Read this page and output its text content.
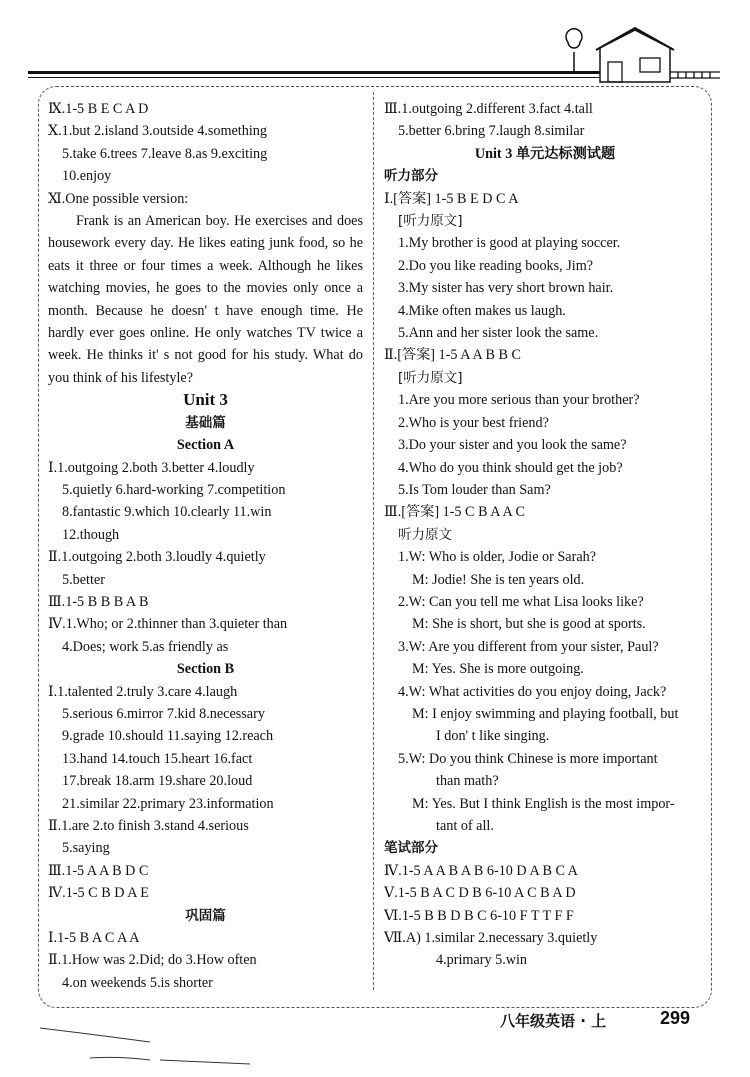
Ⅸ.1-5 B E C A D
Ⅹ.1.but 2.island 3.outside 4.something
5.take 6.trees 7.leave 8.as 9.exciting
10.enjoy
Ⅺ.One possible version:
Frank is an American boy. He exercises and does housework every day. He likes eating junk food, so he eats it three or four times a week. Although he likes watching movies, he goes to the movies only once a month. Because he doesn' t have enough time. He hardly ever goes online. He only watches TV twice a week. He thinks it' s not good for his study. What do you think of his lifestyle?
Unit 3
基础篇
Section A
Ⅰ.1.outgoing 2.both 3.better 4.loudly
5.quietly 6.hard-working 7.competition
8.fantastic 9.which 10.clearly 11.win
12.though
Ⅱ.1.outgoing 2.both 3.loudly 4.quietly
5.better
Ⅲ.1-5 B B B A B
Ⅳ.1.Who; or 2.thinner than 3.quieter than
4.Does; work 5.as friendly as
Section B
Ⅰ.1.talented 2.truly 3.care 4.laugh
5.serious 6.mirror 7.kid 8.necessary
9.grade 10.should 11.saying 12.reach
13.hand 14.touch 15.heart 16.fact
17.break 18.arm 19.share 20.loud
21.similar 22.primary 23.information
Ⅱ.1.are 2.to finish 3.stand 4.serious
5.saying
Ⅲ.1-5 A A B D C
Ⅳ.1-5 C B D A E
巩固篇
Ⅰ.1-5 B A C A A
Ⅱ.1.How was 2.Did; do 3.How often
4.on weekends 5.is shorter
Ⅲ.1.outgoing 2.different 3.fact 4.tall
5.better 6.bring 7.laugh 8.similar
Unit 3 单元达标测试题
听力部分
Ⅰ.[答案] 1-5 B E D C A
[听力原文]
1.My brother is good at playing soccer.
2.Do you like reading books, Jim?
3.My sister has very short brown hair.
4.Mike often makes us laugh.
5.Ann and her sister look the same.
Ⅱ.[答案] 1-5 A A B B C
[听力原文]
1.Are you more serious than your brother?
2.Who is your best friend?
3.Do your sister and you look the same?
4.Who do you think should get the job?
5.Is Tom louder than Sam?
Ⅲ.[答案] 1-5 C B A A C
听力原文
1.W: Who is older, Jodie or Sarah?
M: Jodie! She is ten years old.
2.W: Can you tell me what Lisa looks like?
M: She is short, but she is good at sports.
3.W: Are you different from your sister, Paul?
M: Yes. She is more outgoing.
4.W: What activities do you enjoy doing, Jack?
M: I enjoy swimming and playing football, but
I don' t like singing.
5.W: Do you think Chinese is more important
than math?
M: Yes. But I think English is the most impor-
tant of all.
笔试部分
Ⅳ.1-5 A A B A B 6-10 D A B C A
Ⅴ.1-5 B A C D B 6-10 A C B A D
Ⅵ.1-5 B B D B C 6-10 F T T F F
Ⅶ.A) 1.similar 2.necessary 3.quietly
4.primary 5.win
八年级英语 · 上	299
